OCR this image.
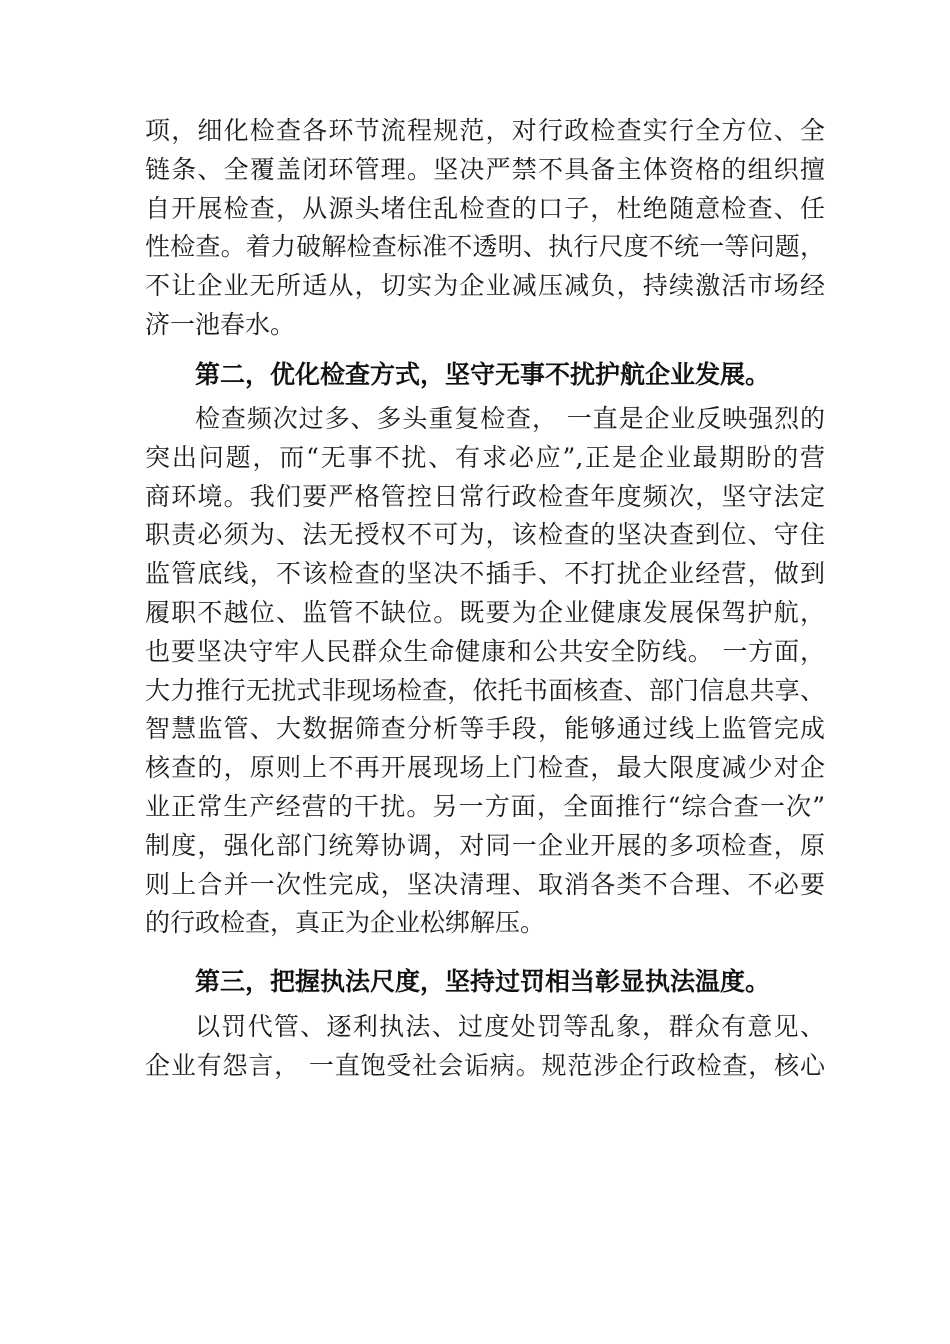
项，细化检查各环节流程规范，对行政检查实行全方位、全
链条、全覆盖闭环管理。坚决严禁不具备主体资格的组织擅
自开展检查，从源头堵住乱检查的口子，杜绝随意检查、任
性检查。着力破解检查标准不透明、执行尺度不统一等问题，
不让企业无所适从，切实为企业减压减负，持续激活市场经
济一池春水。
第二，优化检查方式，坚守无事不扰护航企业发展。
检查频次过多、多头重复检查， 一直是企业反映强烈的
突出问题，而“无事不扰、有求必应”,正是企业最期盼的营
商环境。我们要严格管控日常行政检查年度频次，坚守法定
职责必须为、法无授权不可为，该检查的坚决查到位、守住
监管底线，不该检查的坚决不插手、不打扰企业经营，做到
履职不越位、监管不缺位。既要为企业健康发展保驾护航，
也要坚决守牢人民群众生命健康和公共安全防线。 一方面，
大力推行无扰式非现场检查，依托书面核查、部门信息共享、
智慧监管、大数据筛查分析等手段，能够通过线上监管完成
核查的，原则上不再开展现场上门检查，最大限度减少对企
业正常生产经营的干扰。另一方面，全面推行“综合查一次”
制度，强化部门统筹协调，对同一企业开展的多项检查，原
则上合并一次性完成，坚决清理、取消各类不合理、不必要
的行政检查，真正为企业松绑解压。
第三，把握执法尺度，坚持过罚相当彰显执法温度。
以罚代管、逐利执法、过度处罚等乱象，群众有意见、
企业有怨言， 一直饱受社会诟病。规范涉企行政检查，核心
